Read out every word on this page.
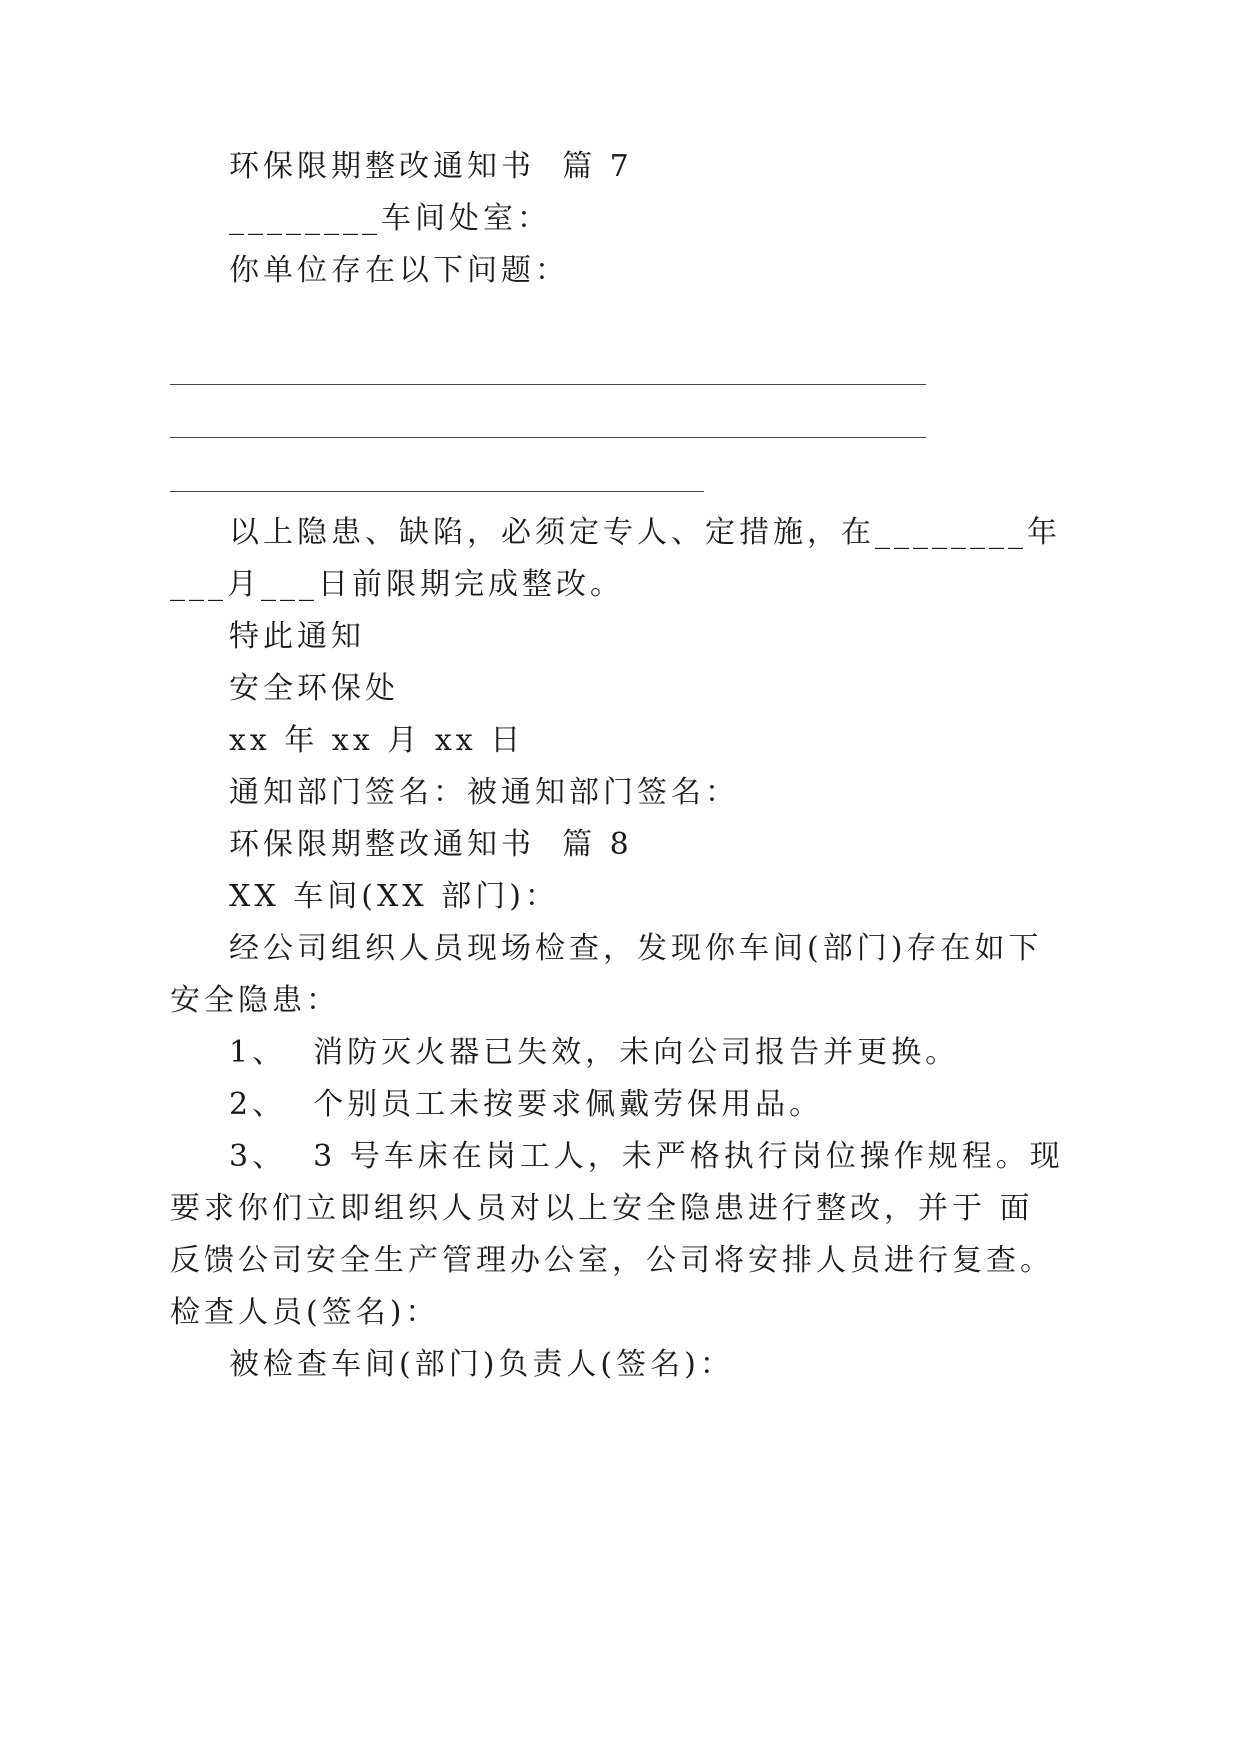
环保限期整改通知书  篇 7
________车间处室：
你单位存在以下问题：
以上隐患、缺陷，必须定专人、定措施，在________年
___月___日前限期完成整改。
特此通知
安全环保处
xx 年 xx 月 xx 日
通知部门签名：被通知部门签名：
环保限期整改通知书  篇 8
XX 车间(XX 部门)：
经公司组织人员现场检查，发现你车间(部门)存在如下
安全隐患：
1、  消防灭火器已失效，未向公司报告并更换。
2、  个别员工未按要求佩戴劳保用品。
3、  3 号车床在岗工人，未严格执行岗位操作规程。现
要求你们立即组织人员对以上安全隐患进行整改，并于 面
反馈公司安全生产管理办公室，公司将安排人员进行复查。
检查人员(签名)：
被检查车间(部门)负责人(签名)：
